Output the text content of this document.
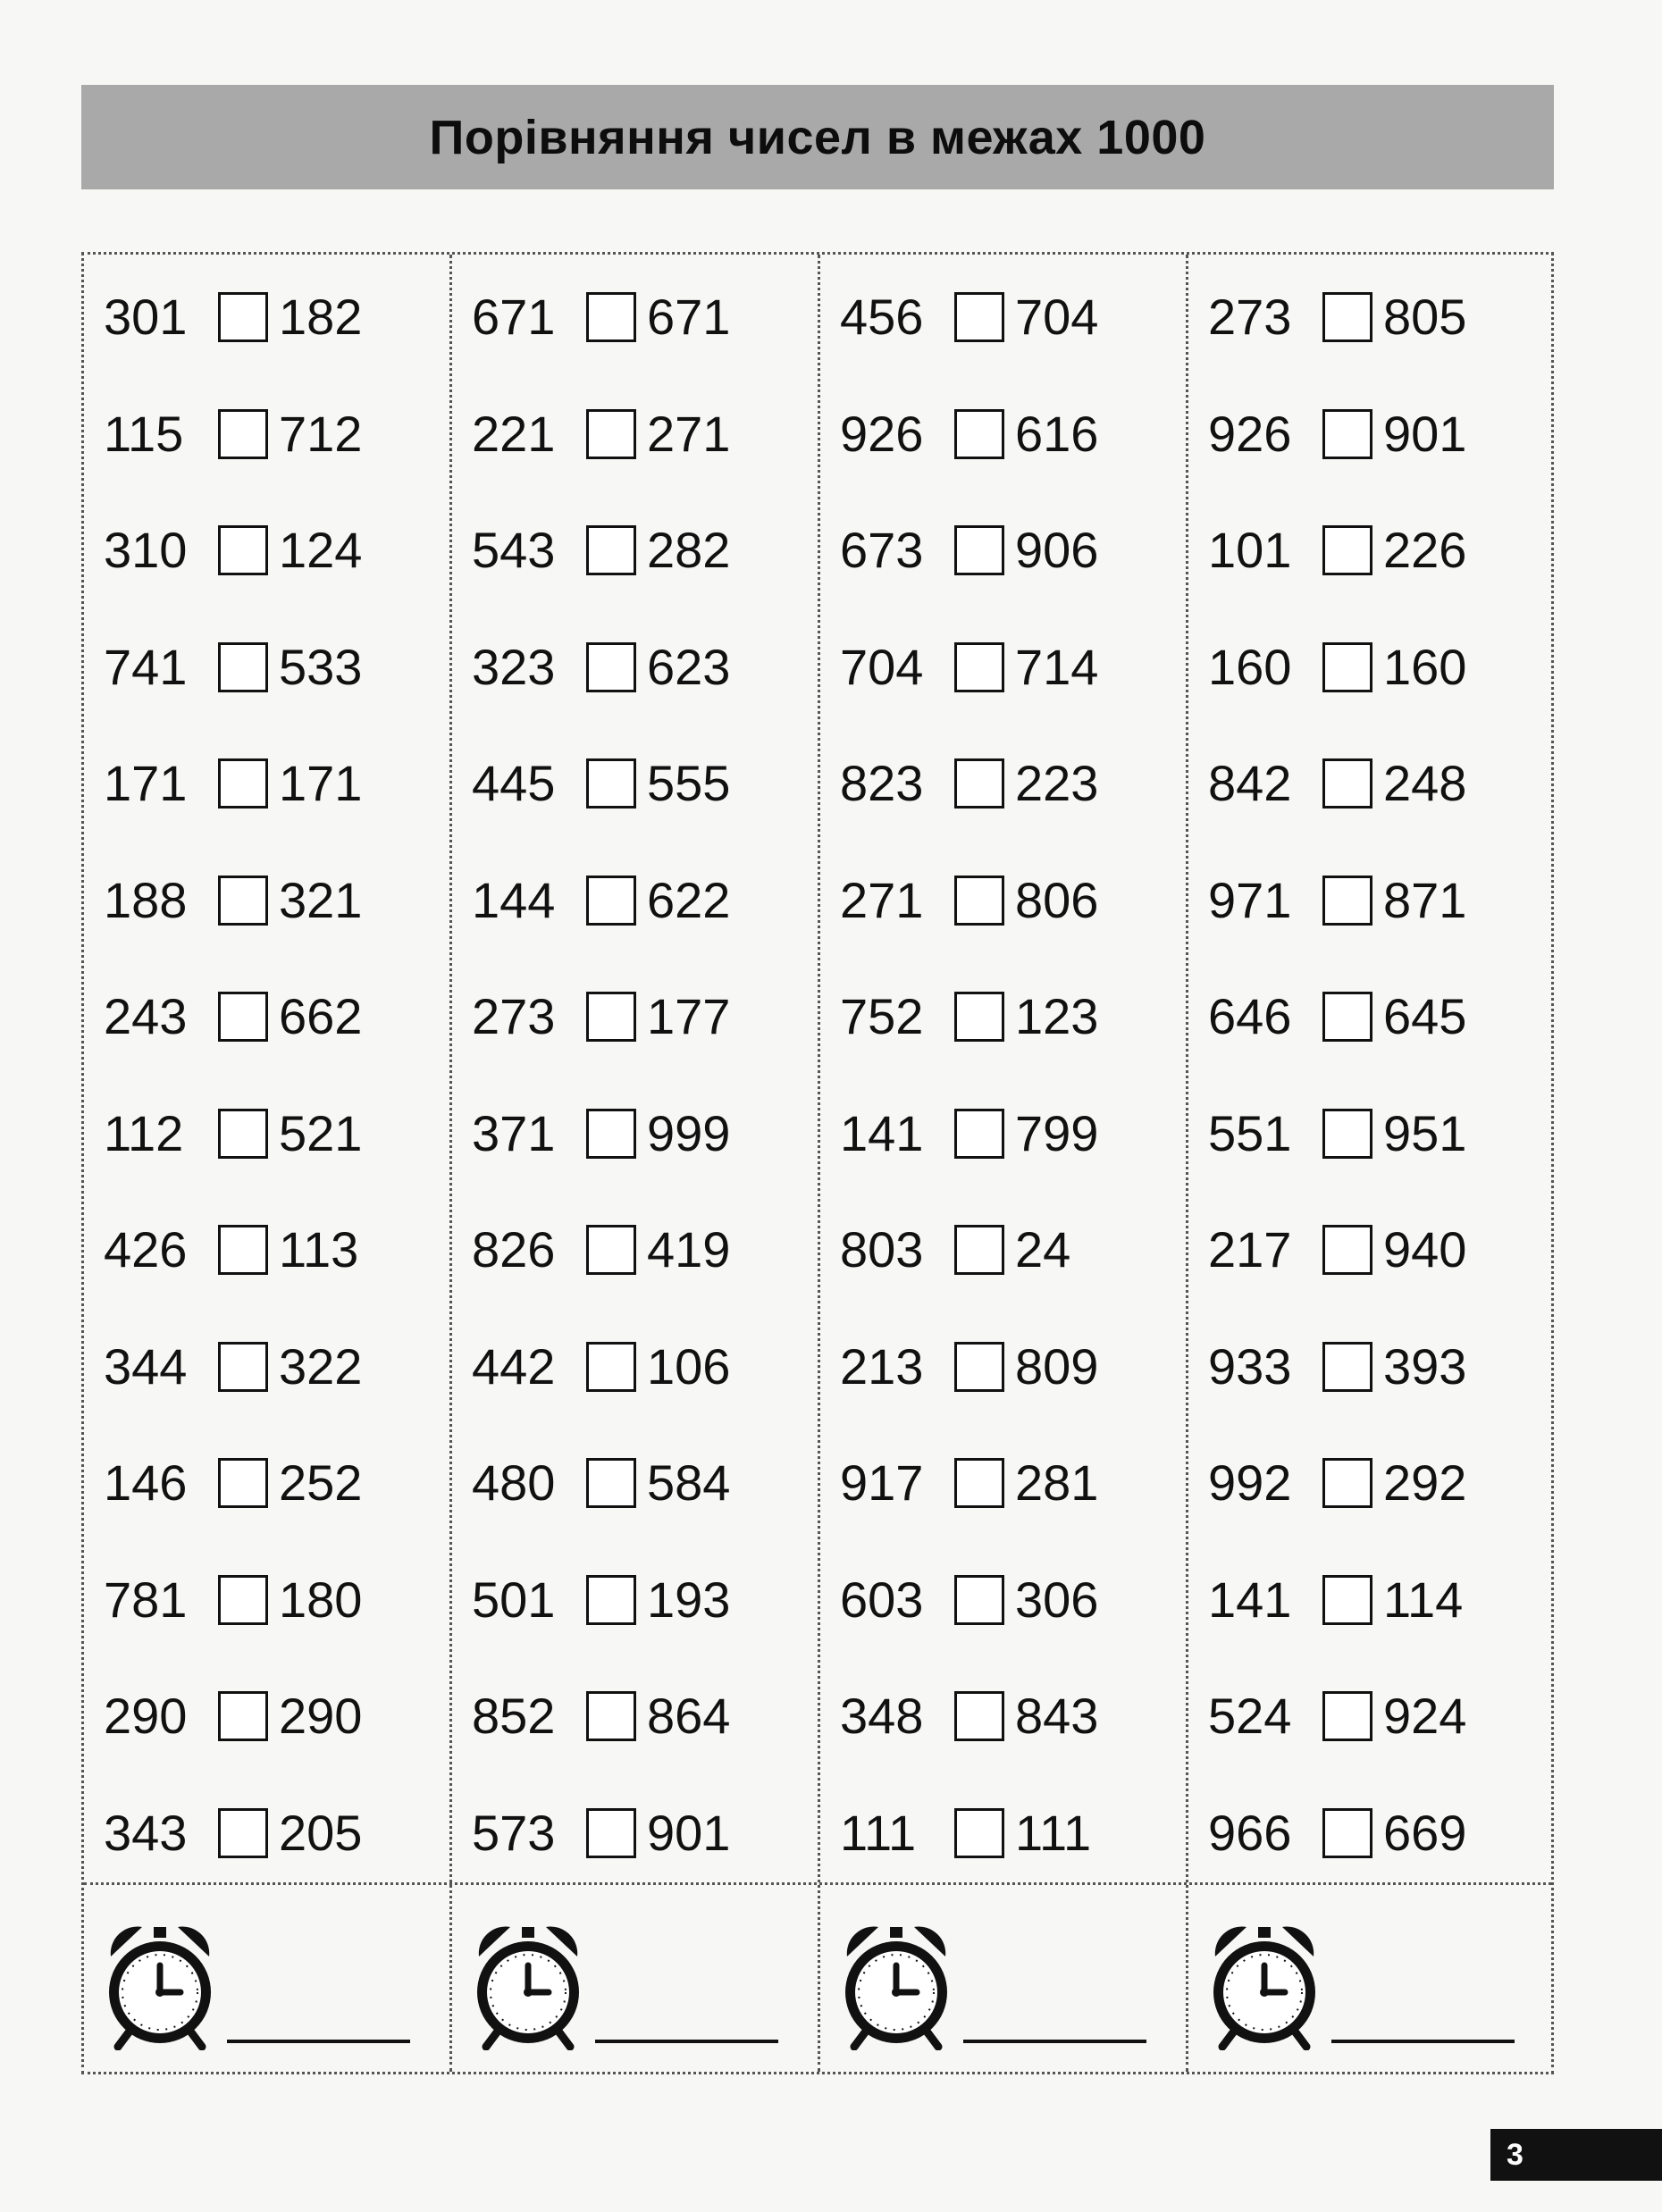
Порівняння чисел в межах 1000
301	182
115	712
310	124
741	533
171	171
188	321
243	662
112	521
426	113
344	322
146	252
781	180
290	290
343	205
671	671
221	271
543	282
323	623
445	555
144	622
273	177
371	999
826	419
442	106
480	584
501	193
852	864
573	901
456	704
926	616
673	906
704	714
823	223
271	806
752	123
141	799
803	24
213	809
917	281
603	306
348	843
111	111
273	805
926	901
101	226
160	160
842	248
971	871
646	645
551	951
217	940
933	393
992	292
141	114
524	924
966	669
3
